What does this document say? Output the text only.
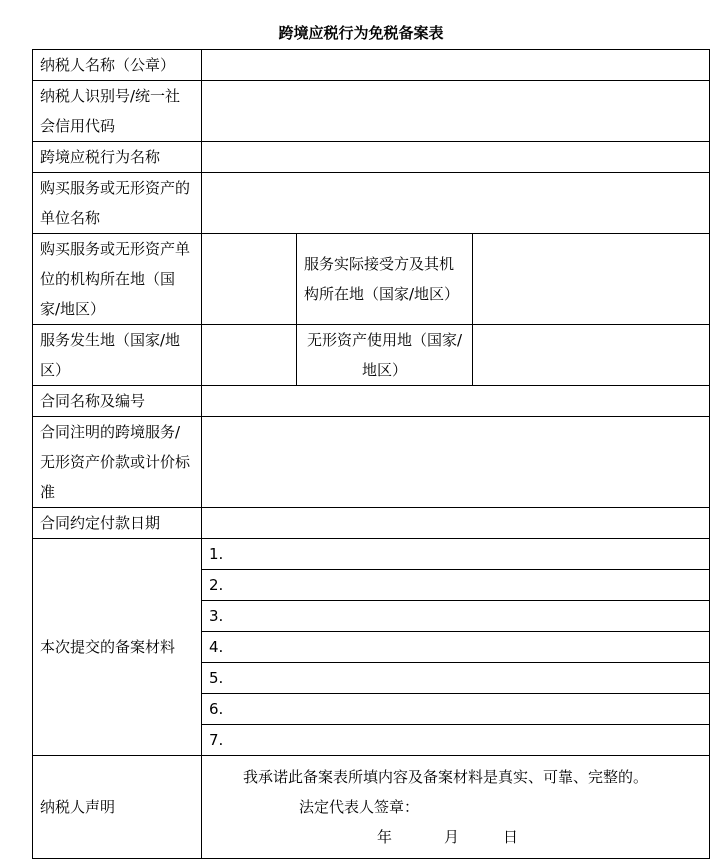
跨境应税行为免税备案表
纳税人名称（公章）			
纳税人识别号/统一社会信用代码			
跨境应税行为名称			
购买服务或无形资产的单位名称			
购买服务或无形资产单位的机构所在地（国家/地区）		服务实际接受方及其机构所在地（国家/地区）	
服务发生地（国家/地区）		无形资产使用地（国家/地区）	
合同名称及编号			
合同注明的跨境服务/无形资产价款或计价标准			
合同约定付款日期			
本次提交的备案材料	1.		
	2.		
	3.		
	4.		
	5.		
	6.		
	7.		
纳税人声明	我承诺此备案表所填内容及备案材料是真实、可靠、完整的。
法定代表人签章：
年 月 日		
